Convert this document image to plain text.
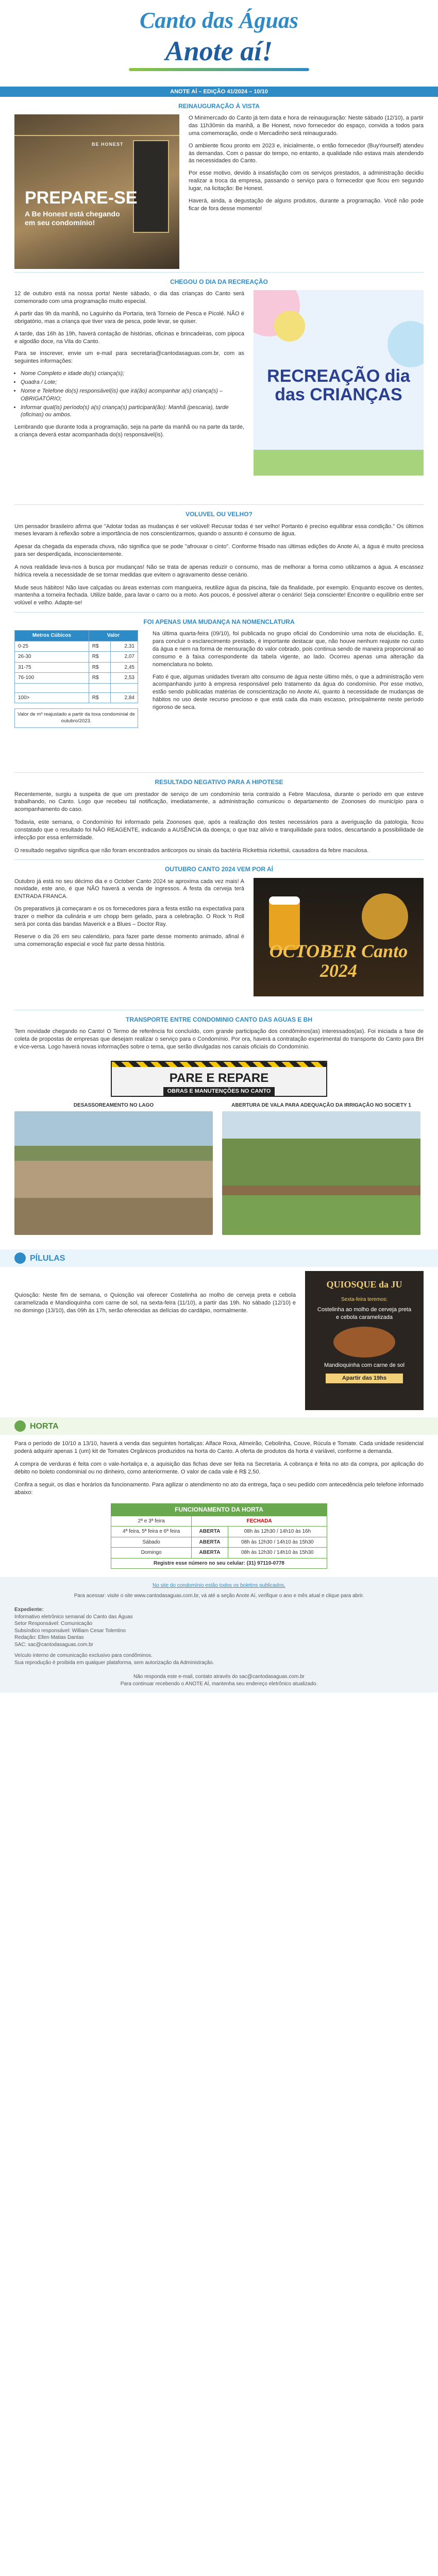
Canto das Águas
Anote aí!
ANOTE AÍ – EDIÇÃO 41/2024 – 10/10
REINAUGURAÇÃO À VISTA
BE HONEST
PREPARE-SE
A Be Honest está chegando em seu condomínio!

O Minimercado do Canto já tem data e hora de reinauguração: Neste sábado (12/10), a partir das 11h30min da manhã, a Be Honest, novo fornecedor do espaço, convida a todos para uma comemoração, onde o Mercadinho será reinaugurado.

O ambiente ficou pronto em 2023 e, inicialmente, o então fornecedor (BuyYourself) atendeu às demandas. Com o passar do tempo, no entanto, a qualidade não estava mais atendendo às necessidades do Canto.

Por esse motivo, devido à insatisfação com os serviços prestados, a administração decidiu realizar a troca da empresa, passando o serviço para o fornecedor que ficou em segundo lugar, na licitação: Be Honest.

Haverá, ainda, a degustação de alguns produtos, durante a programação. Você não pode ficar de fora desse momento!

CHEGOU O DIA DA RECREAÇÃO

12 de outubro está na nossa porta! Neste sábado, o dia das crianças do Canto será comemorado com uma programação muito especial.

A partir das 9h da manhã, no Laguinho da Portaria, terá Torneio de Pesca e Picolé. NÃO é obrigatório, mas a criança que tiver vara de pesca, pode levar, se quiser.

A tarde, das 16h às 19h, haverá contação de histórias, oficinas e brincadeiras, com pipoca e algodão doce, na Vila do Canto.

Para se inscrever, envie um e-mail para secretaria@cantodasaguas.com.br, com as seguintes informações:

• Nome Completo e idade do(s) criança(s);
• Quadra / Lote;
• Nome e Telefone do(s) responsável(is) que irá(ão) acompanhar a(s) criança(s) – OBRIGATÓRIO;
• Informar qual(is) período(s) a(s) criança(s) participará(ão): Manhã (pescaria), tarde (oficinas) ou ambos.

Lembrando que durante toda a programação, seja na parte da manhã ou na parte da tarde, a criança deverá estar acompanhada do(s) responsável(is).

RECREAÇÃO dia das CRIANÇAS
VOLUVEL OU VELHO?

Um pensador brasileiro afirma que "Adotar todas as mudanças é ser volúvel! Recusar todas é ser velho! Portanto é preciso equilibrar essa condição." Os últimos meses levaram à reflexão sobre a importância de nos conscientizarmos, quando o assunto é consumo de água.

Apesar da chegada da esperada chuva, não significa que se pode "afrouxar o cinto". Conforme frisado nas últimas edições do Anote Aí, a água é muito preciosa para ser desperdiçada, inconscientemente.

A nova realidade leva-nos à busca por mudanças! Não se trata de apenas reduzir o consumo, mas de melhorar a forma como utilizamos a água. A escassez hídrica revela a necessidade de se tornar medidas que evitem o agravamento desse cenário.

Mude seus hábitos! Não lave calçadas ou áreas externas com mangueira, reutilize água da piscina, fale da finalidade, por exemplo. Enquanto escove os dentes, mantenha a torneira fechada. Utilize balde, para lavar o carro ou a moto. Aos poucos, é possível alterar o cenário! Seja consciente! Encontre o equilíbrio entre ser volúvel e velho. Adapte-se!

FOI APENAS UMA MUDANÇA NA NOMENCLATURA
Metros Cúbicos	Valor	
0-25	R$	2,31
26-30	R$	2,07
31-75	R$	2,45
76-100	R$	2,53

100>	R$	2,84
Valor de m³ reajustado a partir da toxa condominial de outubro/2023.

Na última quarta-feira (09/10), foi publicada no grupo oficial do Condomínio uma nota de elucidação. E, para concluir o esclarecimento prestado, é importante destacar que, não houve nenhum reajuste no custo da água e nem na forma de mensuração do valor cobrado, pois continua sendo de maneira proporcional ao consumo e à faixa correspondente da tabela vigente, ao lado. Ocorreu apenas uma alteração da nomenclatura no boleto.

Fato é que, algumas unidades tiveram alto consumo de água neste último mês, o que a administração vem acompanhando junto à empresa responsável pelo tratamento da água do condomínio. Por esse motivo, estão sendo publicadas matérias de conscientização no Anote Aí, quanto à necessidade de mudanças de hábitos no uso deste recurso precioso e que está cada dia mais escasso, principalmente neste período rigoroso de seca.

RESULTADO NEGATIVO PARA A HIPOTESE

Recentemente, surgiu a suspeita de que um prestador de serviço de um condomínio teria contraído a Febre Maculosa, durante o período em que esteve trabalhando, no Canto. Logo que recebeu tal notificação, imediatamente, a administração comunicou o departamento de Zoonoses do município para o acompanhamento do caso.

Todavia, este semana, o Condomínio foi informado pela Zoonoses que, após a realização dos testes necessários para a averiguação da patologia, ficou constatado que o resultado foi NÃO REAGENTE, indicando a AUSÊNCIA da doença; o que traz alívio e tranquilidade para todos, descartando a possibilidade de infecção por essa enfermidade.

O resultado negativo significa que não foram encontrados anticorpos ou sinais da bactéria Rickettsia rickettsii, causadora da febre maculosa.

OUTUBRO CANTO 2024 VEM POR AÍ

Outubro já está no seu décimo dia e o October Canto 2024 se aproxima cada vez mais! A novidade, este ano, é que NÃO haverá a venda de ingressos. A festa da cerveja terá ENTRADA FRANCA.

Os preparativos já começaram e os os fornecedores para a festa estão na expectativa para trazer o melhor da culinária e um chopp bem gelado, para a celebração. O Rock 'n Roll será por conta das bandas Maverick e a Blues – Doctor Ray.

Reserve o dia 26 em seu calendário, para fazer parte desse momento animado, afinal é uma comemoração especial e você faz parte dessa história.	OCTOBER Canto 2024
TRANSPORTE ENTRE CONDOMINIO CANTO DAS AGUAS E BH

Tem novidade chegando no Canto! O Termo de referência foi concluído, com grande participação dos condôminos(as) interessados(as). Foi iniciada a fase de coleta de propostas de empresas que desejam realizar o serviço para o Condomínio. Por ora, haverá a contratação experimental do transporte do Canto para BH e vice-versa. Logo haverá novas informações sobre o tema, que serão divulgadas nos canais oficiais do Condomínio.

PARE E REPARE
OBRAS E MANUTENÇÕES NO CANTO
DESASSOREAMENTO NO LAGO	ABERTURA DE VALA PARA ADEQUAÇÃO DA IRRIGAÇÃO NO SOCIETY 1
PÍLULAS

Quiosção: Neste fim de semana, o Quiosção vai oferecer Costelinha ao molho de cerveja preta e cebola caramelizada e Mandioquinha com carne de sol, na sexta-feira (11/10), a partir das 19h. No sábado (12/10) e no domingo (13/10), das 09h às 17h, serão oferecidas as delícias do cardápio, normalmente.

QUIOSQUE da JU
Sexta-feira teremos:
Costelinha ao molho de cerveja preta e cebola caramelizada
Mandioquinha com carne de sol
Apartir das 19hs
HORTA

Para o período de 10/10 a 13/10, haverá a venda das seguintes hortaliças: Alface Roxa, Almeirão, Cebolinha, Couve, Rúcula e Tomate. Cada unidade residencial poderá adquirir apenas 1 (um) kit de Tomates Orgânicos produzidos na horta do Canto. A oferta de produtos da horta é variável, conforme a demanda.

A compra de verduras é feita com o vale-hortaliça e, a aquisição das fichas deve ser feita na Secretaria. A cobrança é feita no ato da compra, por aplicação do débito no boleto condominial ou no dinheiro, como anteriormente. O valor de cada vale é R$ 2,50.

Confira a seguir, os dias e horários da funcionamento. Para agilizar o atendimento no ato da entrega, faça o seu pedido com antecedência pelo telefone informado abaixo:

FUNCIONAMENTO DA HORTA		
2ª e 3ª feira	FECHADA	
4ª feira, 5ª feira e 6ª feira	ABERTA	08h às 12h30 / 14h10 às 16h
Sábado	ABERTA	08h às 12h30 / 14h10 às 15h30
Domingo	ABERTA	08h às 12h30 / 14h10 às 15h30
Registre esse número no seu celular: (31) 97110-0778		
No site do condomínio estão todos os boletins publicados.
Para acessar: visite o site www.cantodasaguas.com.br, vá até a seção Anote Aí, verifique o ano e mês atual e clique para abrir.
Expediente:
Informativo eletrônico semanal do Canto das Águas
Setor Responsável: Comunicação
Subsíndico responsável: William Cesar Tolentino
Redação: Ellen Matias Dantas
SAC: sac@cantodasaguas.com.br
Veículo interno de comunicação exclusivo para condôminos.
Sua reprodução é proibida em qualquer plataforma, sem autorização da Administração.
Não responda este e-mail, contato através do sac@cantodasaguas.com.br
Para continuar recebendo o ANOTE AÍ, mantenha seu endereço eletrônico atualizado.
